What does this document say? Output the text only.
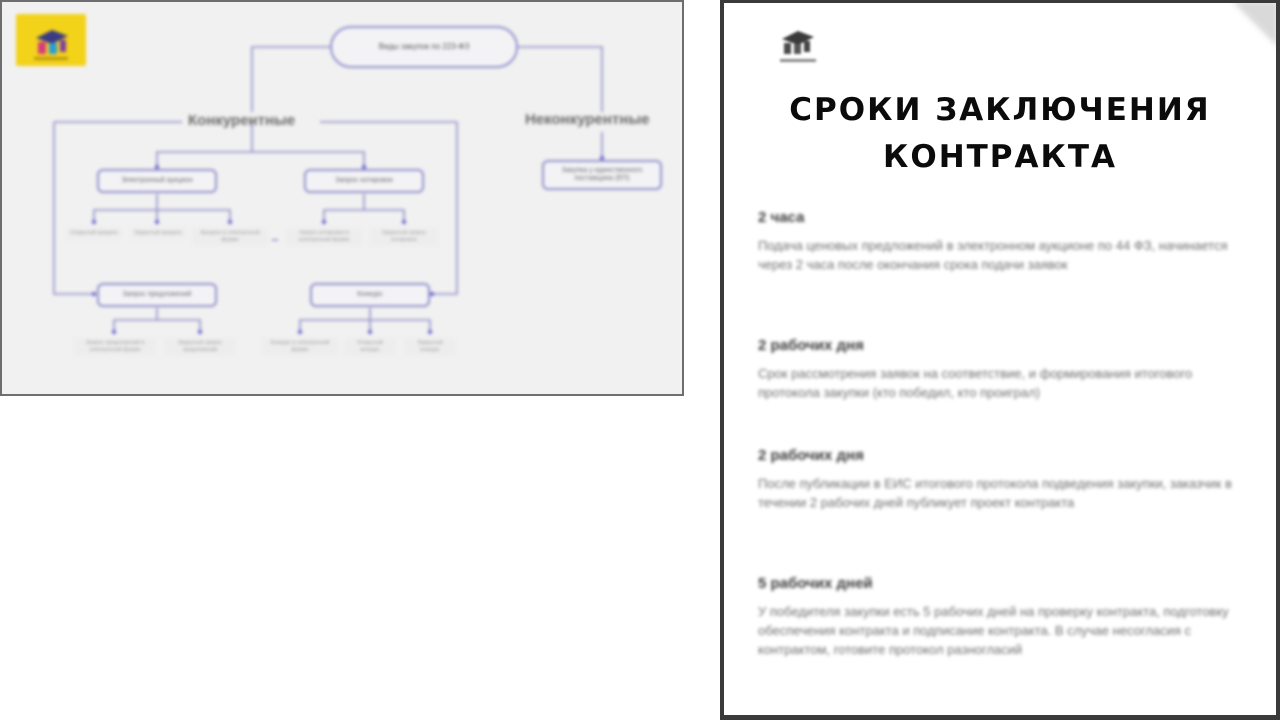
Виды закупок по 223-ФЗ
Конкурентные	Неконкурентные
Закупка у единственного поставщика (ЕП)
Электронный аукцион	Запрос котировок
Запрос предложений	Конкурс
Открытый аукцион	Закрытый аукцион	Аукцион в электронной форме
Запрос котировок в электронной форме
Закрытый запрос котировок
Запрос предложений в электронной форме
Закрытый запрос предложений
Конкурс в электронной форме
Открытый конкурс
Закрытый конкурс
СРОКИ ЗАКЛЮЧЕНИЯ
КОНТРАКТА

2 часа

Подача ценовых предложений в электронном аукционе по 44 ФЗ, начинается через 2 часа после окончания срока подачи заявок

2 рабочих дня

Срок рассмотрения заявок на соответствие, и формирования итогового протокола закупки (кто победил, кто проиграл)

2 рабочих дня

После публикации в ЕИС итогового протокола подведения закупки, заказчик в течении 2 рабочих дней публикует проект контракта

5 рабочих дней

У победителя закупки есть 5 рабочих дней на проверку контракта, подготовку обеспечения контракта и подписание контракта. В случае несогласия с контрактом, готовите протокол разногласий
